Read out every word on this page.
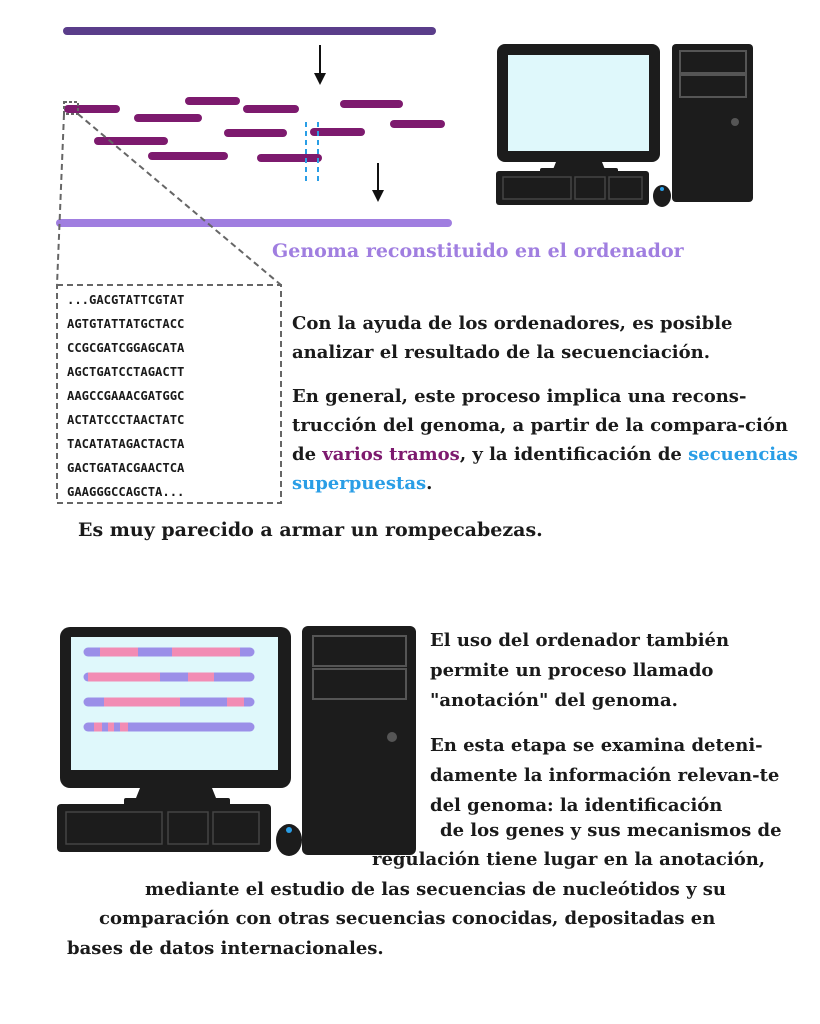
Genoma reconstituido en el ordenador
...GACGTATTCGTAT
AGTGTATTATGCTACC
CCGCGATCGGAGCATA
AGCTGATCCTAGACTT
AAGCCGAAACGATGGC
ACTATCCCTAACTATC
TACATATAGACTACTA
GACTGATACGAACTCA
GAAGGGCCAGCTA...
Con la ayuda de los ordenadores, es posible analizar el resultado de la secuenciación.
En general, este proceso implica una recons-trucción del genoma, a partir de la compara-ción de varios tramos, y la identificación de secuencias superpuestas.
Es muy parecido a armar un rompecabezas.
El uso del ordenador también permite un proceso llamado "anotación" del genoma.
En esta etapa se examina deteni-damente la información relevan-te del genoma: la identificación
de los genes y sus mecanismos de
regulación tiene lugar en la anotación,
mediante el estudio de las secuencias de nucleótidos y su
comparación con otras secuencias conocidas, depositadas en
bases de datos internacionales.
